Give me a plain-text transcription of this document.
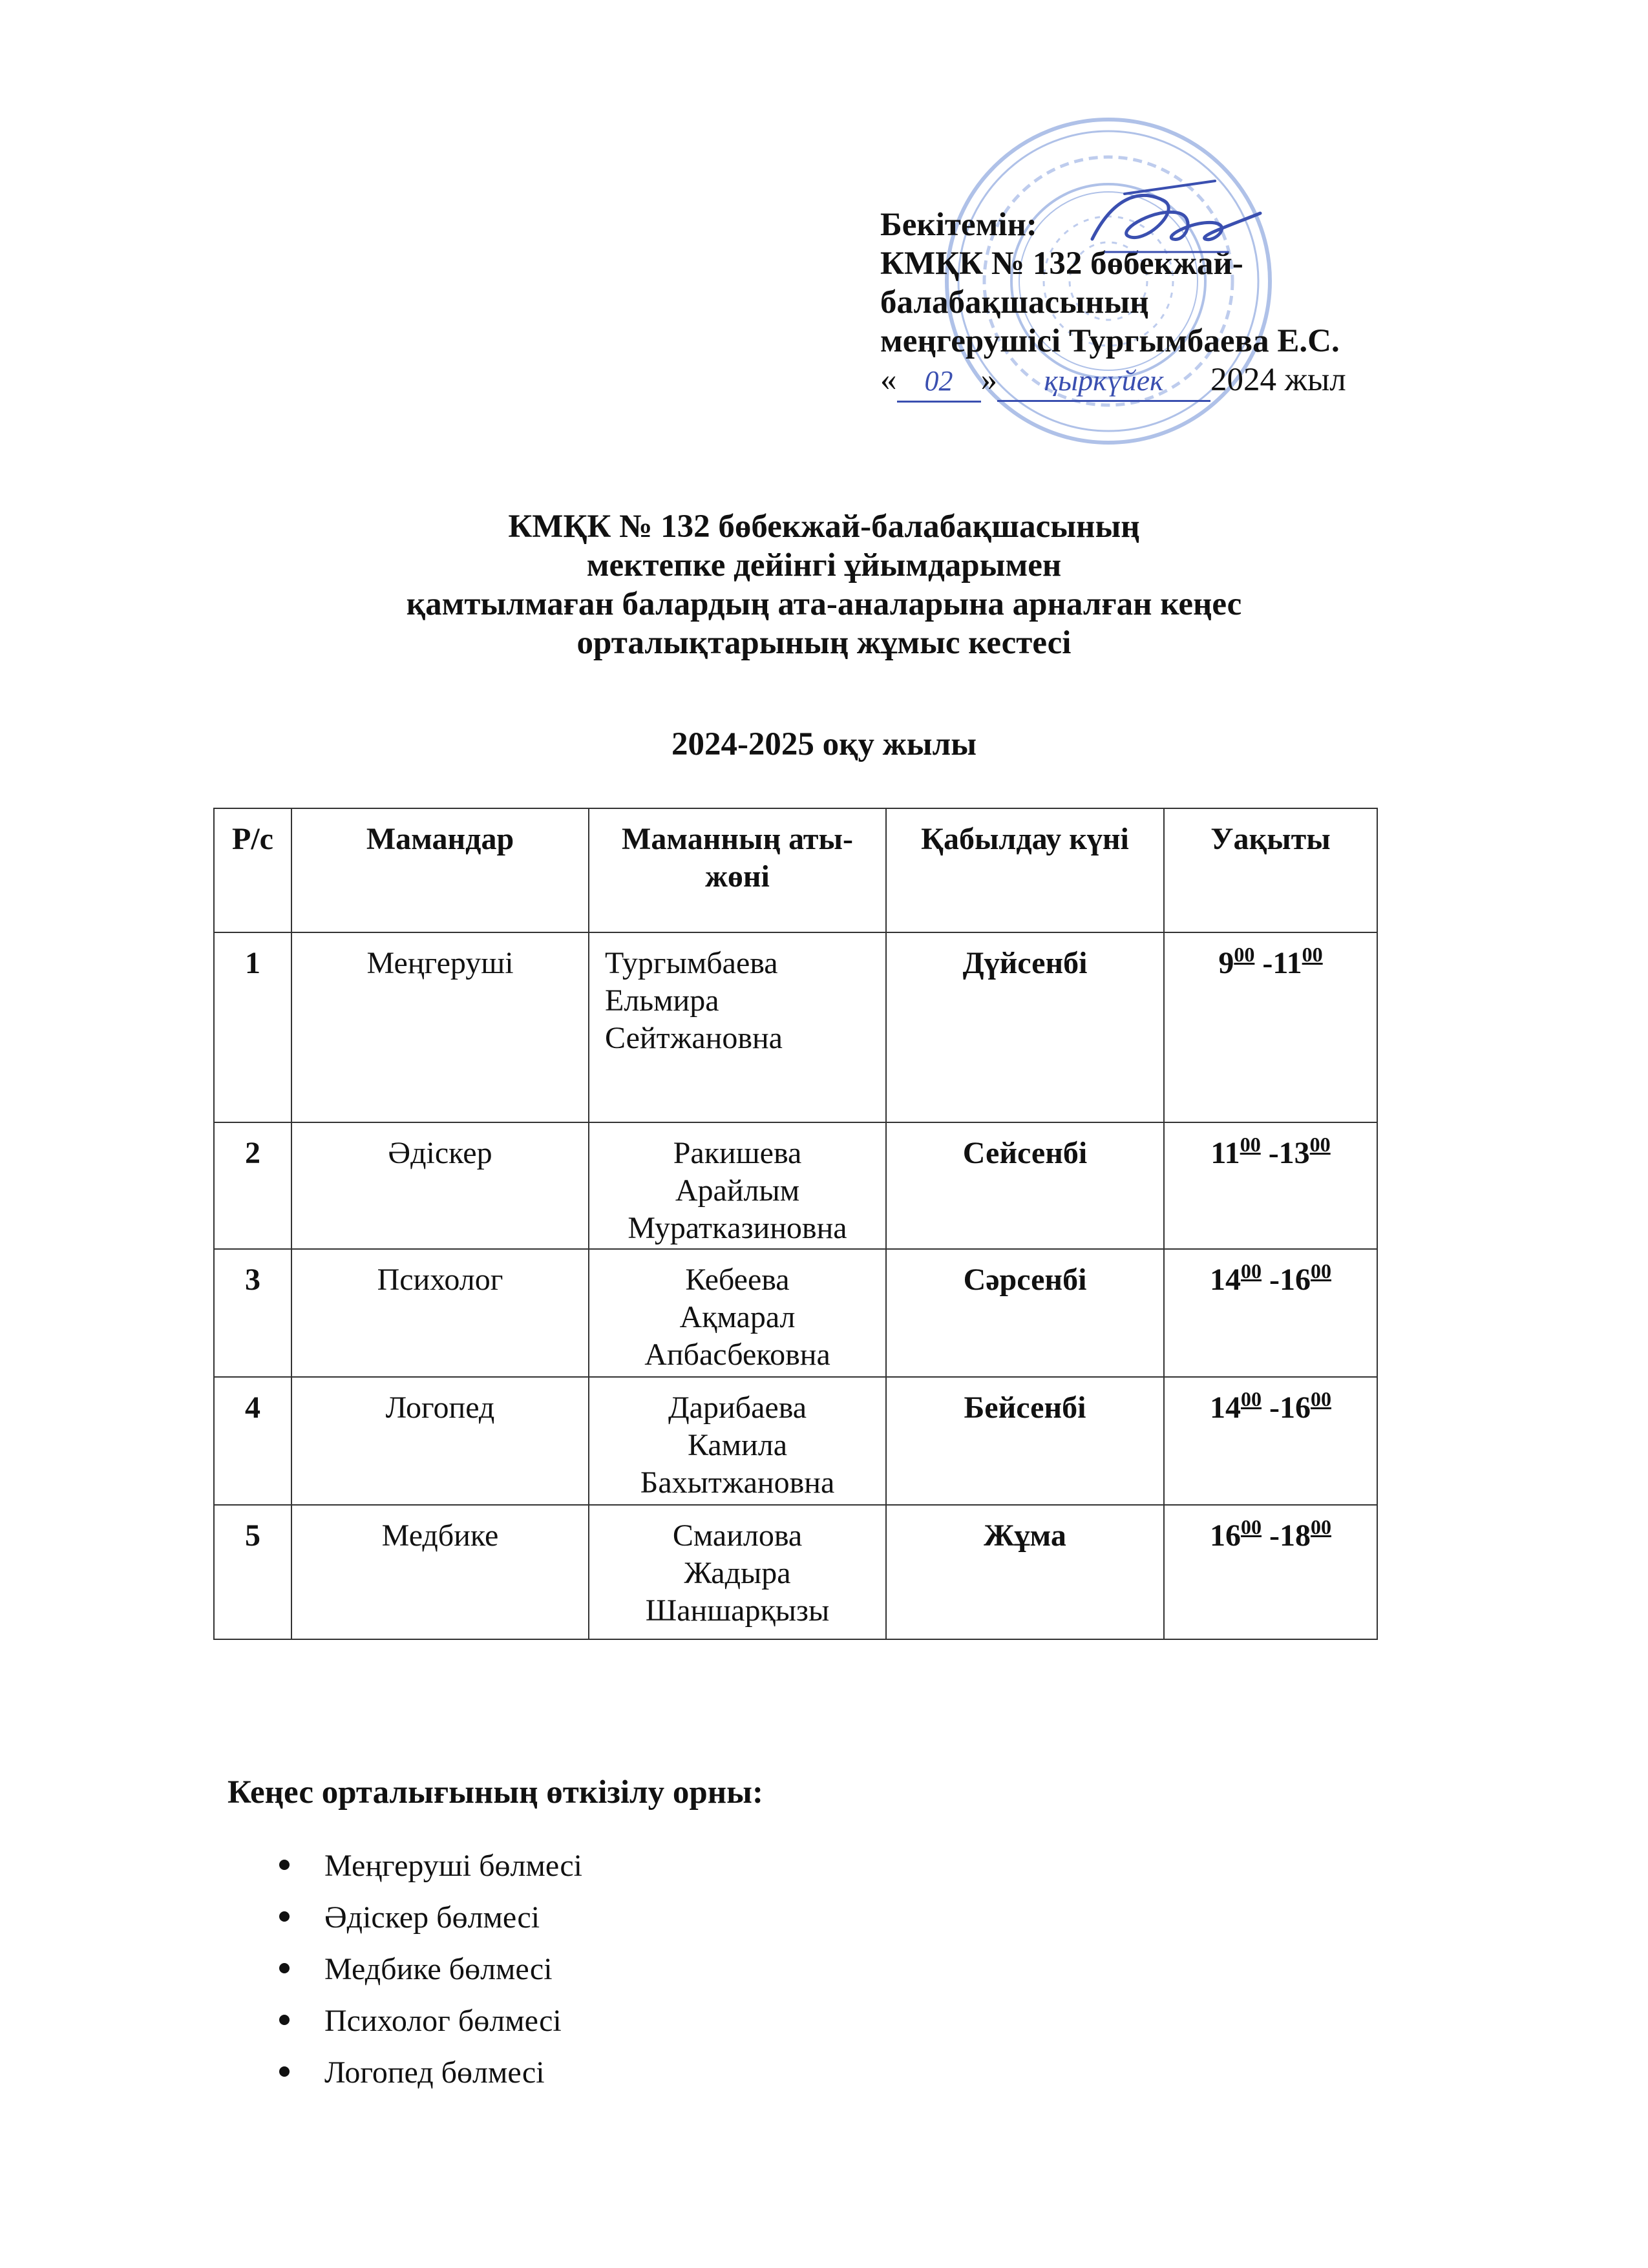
Бекітемін:
КМҚК № 132 бөбекжай-
балабақшасының
меңгерушісі Тургымбаева Е.С.
« 02 » қыркүйек 2024 жыл
КМҚК № 132 бөбекжай-балабақшасының
мектепке дейінгі ұйымдарымен
қамтылмаған балардың ата-аналарына арналған кеңес
орталықтарының жұмыс кестесі
2024-2025 оқу жылы
Р/с	Мамандар	Маманның аты-жөні	Қабылдау күні	Уақыты
1	Меңгеруші	Тургымбаева
Ельмира
Сейтжановна	Дүйсенбі	$9^{00}$ $-11^{00}$
2	Әдіскер	Ракишева
Арайлым
Мураткaзиновна	Сейсенбі	$11^{00}$ $-13^{00}$
3	Психолог	Кебеева
Ақмарал
Апбасбековна	Сәрсенбі	$14^{00}$ $-16^{00}$
4	Логопед	Дарибаева
Камила
Бахытжановна	Бейсенбі	$14^{00}$ $-16^{00}$
5	Медбике	Смаилова
Жадыра
Шаншарқызы	Жұма	$16^{00}$ $-18^{00}$
Кеңес орталығының өткізілу орны:
Меңгеруші бөлмесі
Әдіскер бөлмесі
Медбике бөлмесі
Психолог бөлмесі
Логопед бөлмесі
